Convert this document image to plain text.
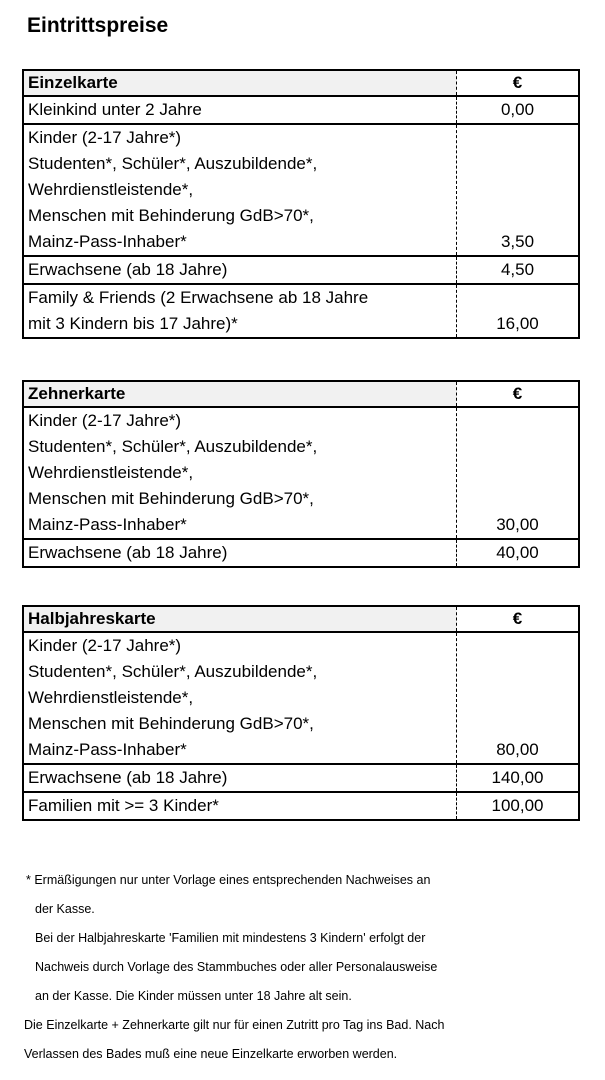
Eintrittspreise
Einzelkarte	€

Kleinkind unter 2 Jahre	0,00

Kinder (2-17 Jahre*)
Studenten*, Schüler*, Auszubildende*,
Wehrdienstleistende*,
Menschen mit Behinderung GdB>70*,
Mainz-Pass-Inhaber*	3,50

Erwachsene (ab 18 Jahre)	4,50

Family & Friends (2 Erwachsene ab 18 Jahre
mit 3 Kindern bis 17 Jahre)*	16,00
Zehnerkarte	€

Kinder (2-17 Jahre*)
Studenten*, Schüler*, Auszubildende*,
Wehrdienstleistende*,
Menschen mit Behinderung GdB>70*,
Mainz-Pass-Inhaber*	30,00

Erwachsene (ab 18 Jahre)	40,00
Halbjahreskarte	€

Kinder (2-17 Jahre*)
Studenten*, Schüler*, Auszubildende*,
Wehrdienstleistende*,
Menschen mit Behinderung GdB>70*,
Mainz-Pass-Inhaber*	80,00

Erwachsene (ab 18 Jahre)	140,00

Familien mit >= 3 Kinder*	100,00
* Ermäßigungen nur unter Vorlage eines entsprechenden Nachweises an
der Kasse.
Bei der Halbjahreskarte 'Familien mit mindestens 3 Kindern' erfolgt der
Nachweis durch Vorlage des Stammbuches oder aller Personalausweise
an der Kasse. Die Kinder müssen unter 18 Jahre alt sein.
Die Einzelkarte + Zehnerkarte gilt nur für einen Zutritt pro Tag ins Bad. Nach
Verlassen des Bades muß eine neue Einzelkarte erworben werden.
